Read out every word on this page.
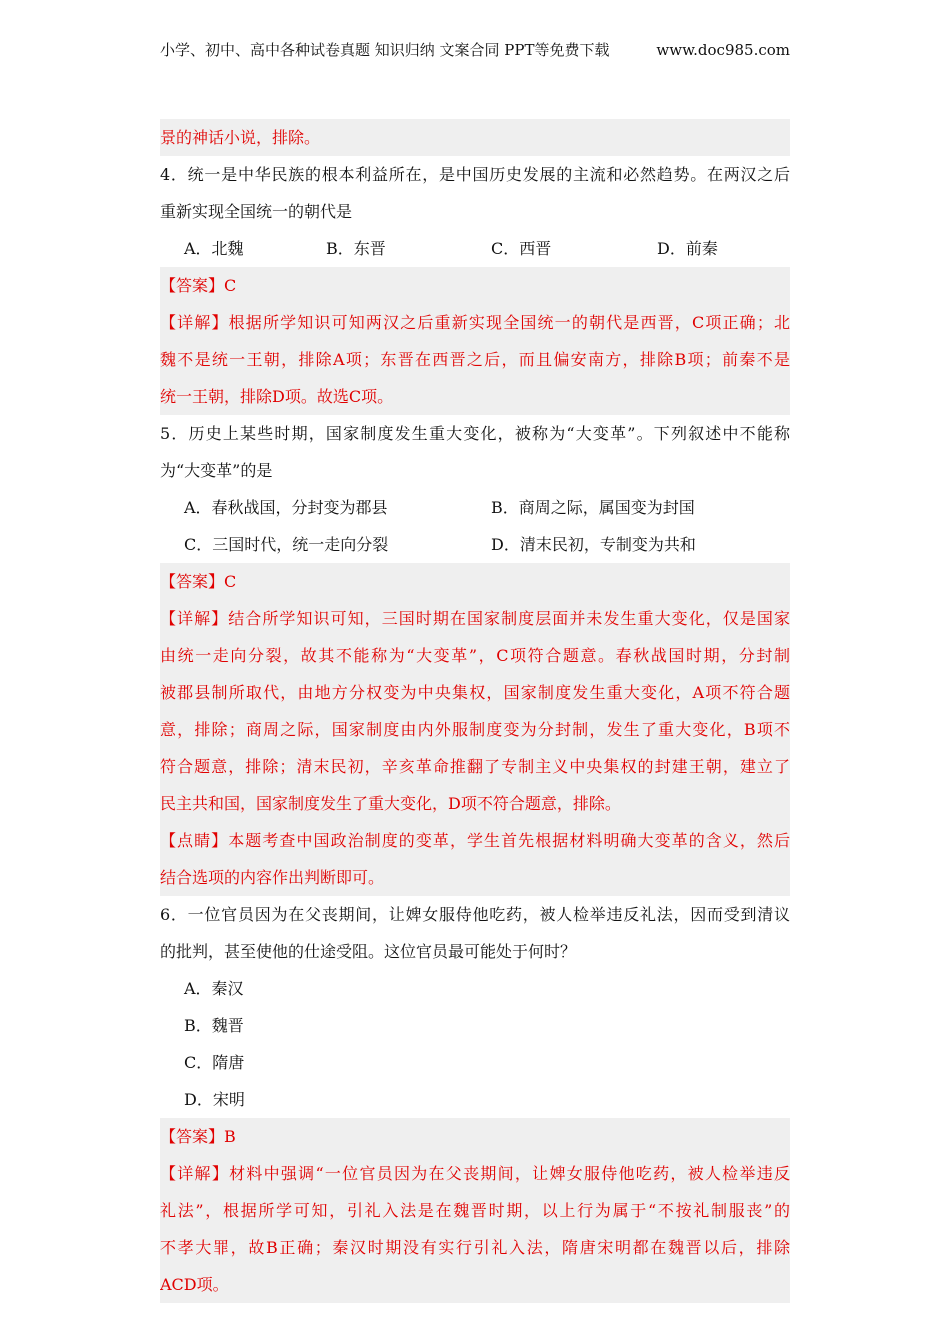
小学、初中、高中各种试卷真题 知识归纳 文案合同 PPT等免费下载	www.doc985.com
景的神话小说，排除。
4．统一是中华民族的根本利益所在，是中国历史发展的主流和必然趋势。在两汉之后
重新实现全国统一的朝代是
A．北魏	B．东晋	C．西晋	D．前秦
【答案】C
【详解】根据所学知识可知两汉之后重新实现全国统一的朝代是西晋，C项正确；北
魏不是统一王朝，排除A项；东晋在西晋之后，而且偏安南方，排除B项；前秦不是
统一王朝，排除D项。故选C项。
5．历史上某些时期，国家制度发生重大变化，被称为“大变革”。下列叙述中不能称
为“大变革”的是
A．春秋战国，分封变为郡县	B．商周之际，属国变为封国
C．三国时代，统一走向分裂	D．清末民初，专制变为共和
【答案】C
【详解】结合所学知识可知，三国时期在国家制度层面并未发生重大变化，仅是国家
由统一走向分裂，故其不能称为“大变革”，C项符合题意。春秋战国时期，分封制
被郡县制所取代，由地方分权变为中央集权，国家制度发生重大变化，A项不符合题
意，排除；商周之际，国家制度由内外服制度变为分封制，发生了重大变化，B项不
符合题意，排除；清末民初，辛亥革命推翻了专制主义中央集权的封建王朝，建立了
民主共和国，国家制度发生了重大变化，D项不符合题意，排除。
【点睛】本题考查中国政治制度的变革，学生首先根据材料明确大变革的含义，然后
结合选项的内容作出判断即可。
6．一位官员因为在父丧期间，让婢女服侍他吃药，被人检举违反礼法，因而受到清议
的批判，甚至使他的仕途受阻。这位官员最可能处于何时？
A．秦汉
B．魏晋
C．隋唐
D．宋明
【答案】B
【详解】材料中强调“一位官员因为在父丧期间，让婢女服侍他吃药，被人检举违反
礼法”，根据所学可知，引礼入法是在魏晋时期，以上行为属于“不按礼制服丧”的
不孝大罪，故B正确；秦汉时期没有实行引礼入法，隋唐宋明都在魏晋以后，排除
ACD项。
